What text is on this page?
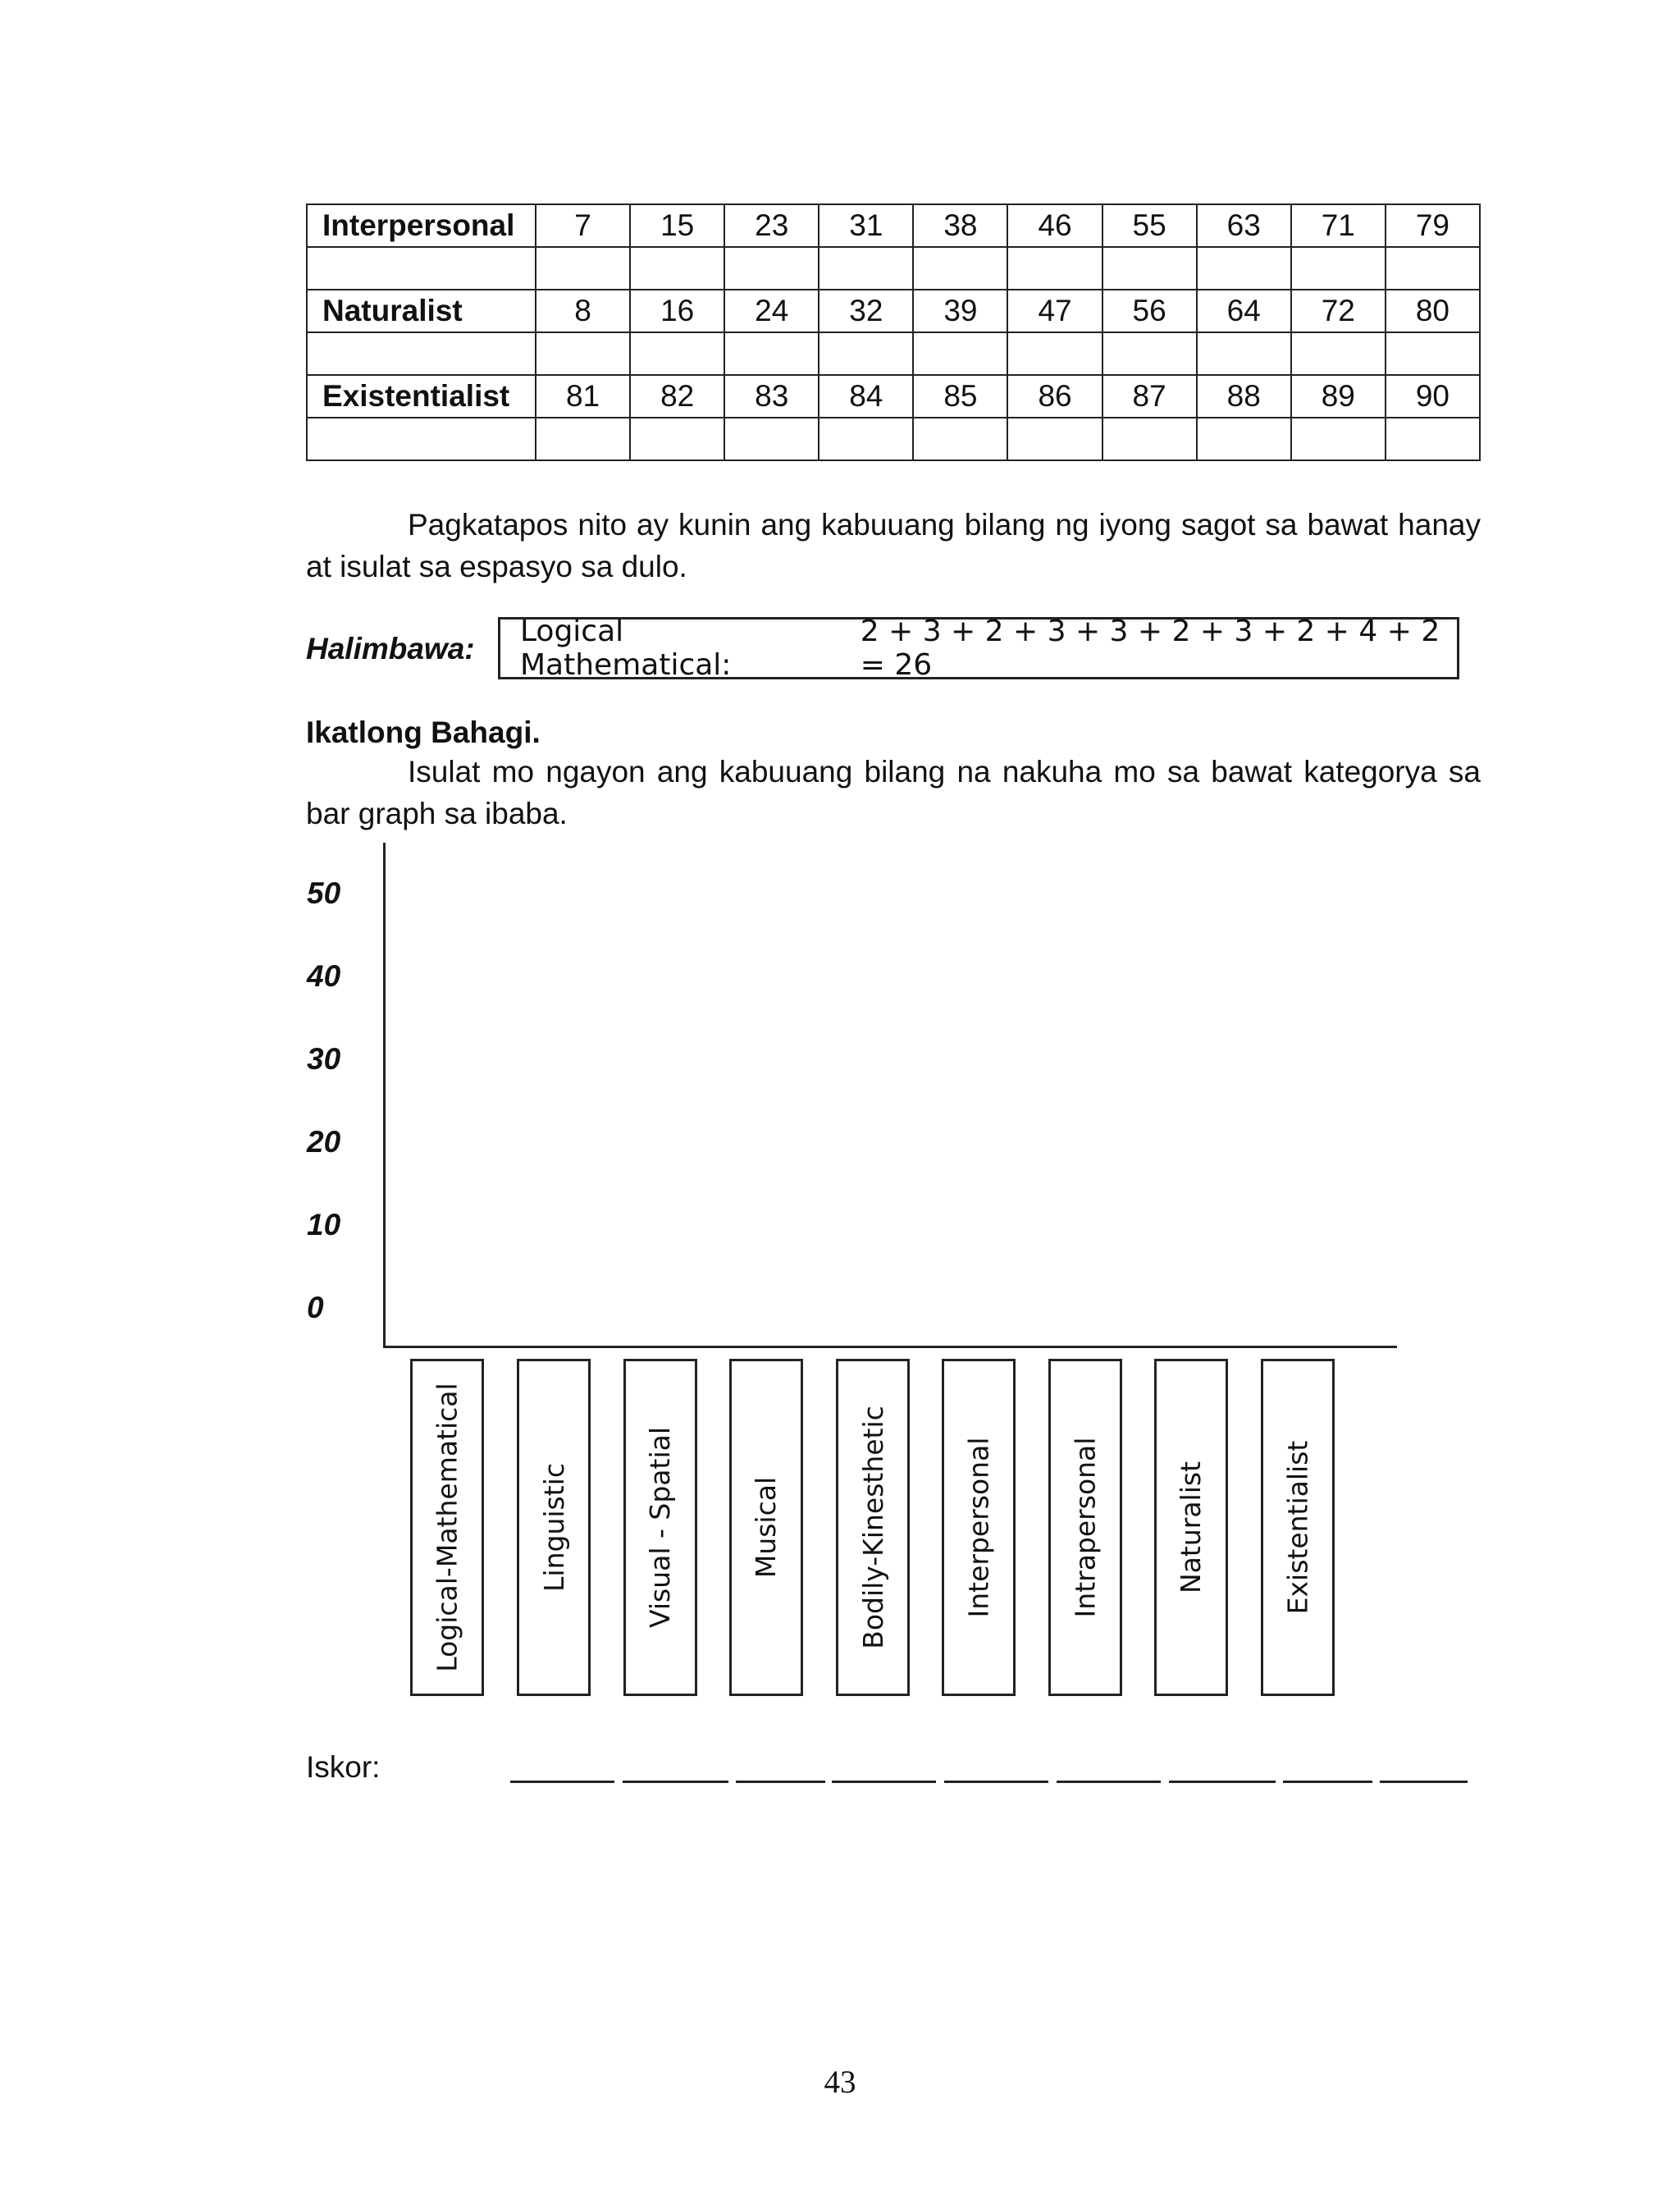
Interpersonal	7	15	23	31	38	46	55	63	71	79

Naturalist	8	16	24	32	39	47	56	64	72	80

Existentialist	81	82	83	84	85	86	87	88	89	90

Pagkatapos nito ay kunin ang kabuuang bilang ng iyong sagot sa bawat hanay at isulat sa espasyo sa dulo.
Halimbawa:
Logical Mathematical:
2 + 3 + 2 + 3 + 3 + 2 + 3 + 2 + 4 + 2 = 26
Ikatlong Bahagi.
Isulat mo ngayon ang kabuuang bilang na nakuha mo sa bawat kategorya sa bar graph sa ibaba.
50
40
30
20
10
0
Logical-Mathematical	Linguistic	Visual - Spatial	Musical	Bodily-Kinesthetic	Interpersonal	Intrapersonal	Naturalist	Existentialist
Iskor:
43
